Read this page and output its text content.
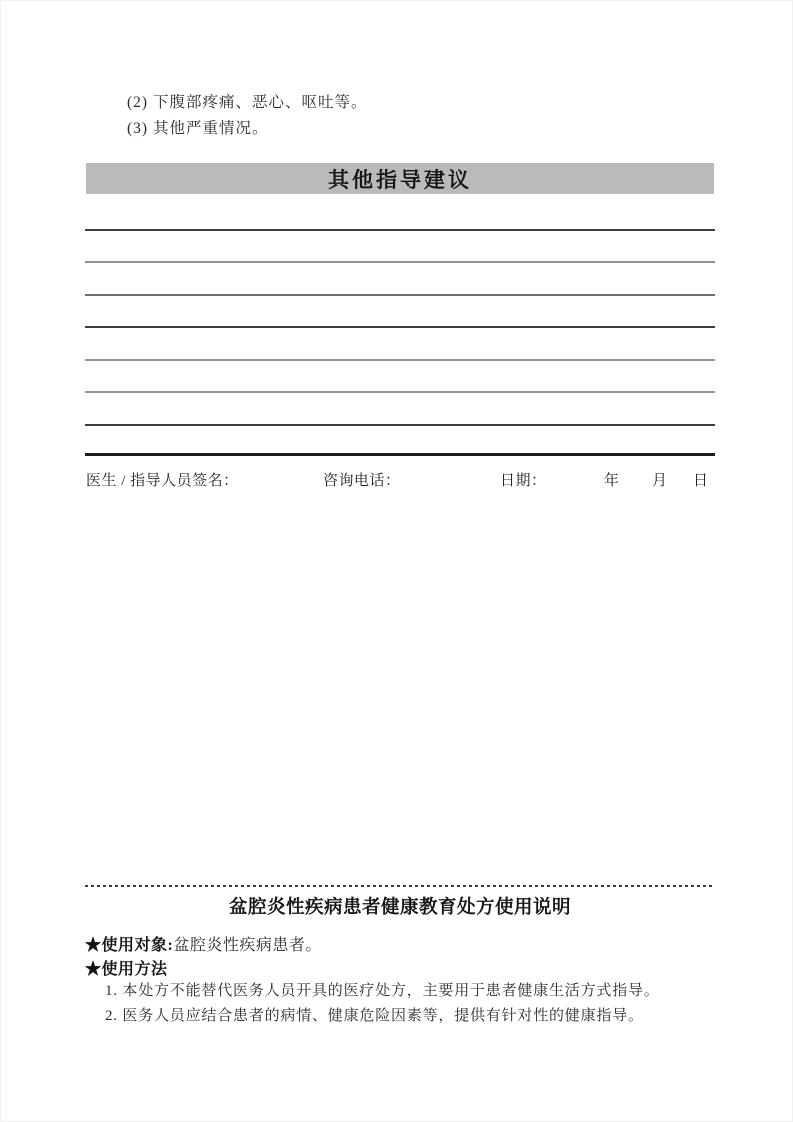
(2) 下腹部疼痛、恶心、呕吐等。
(3) 其他严重情况。
其他指导建议
医生 / 指导人员签名：	咨询电话：	日期：	年 月 日
盆腔炎性疾病患者健康教育处方使用说明
★使用对象:盆腔炎性疾病患者。
★使用方法
1. 本处方不能替代医务人员开具的医疗处方，主要用于患者健康生活方式指导。
2. 医务人员应结合患者的病情、健康危险因素等，提供有针对性的健康指导。
